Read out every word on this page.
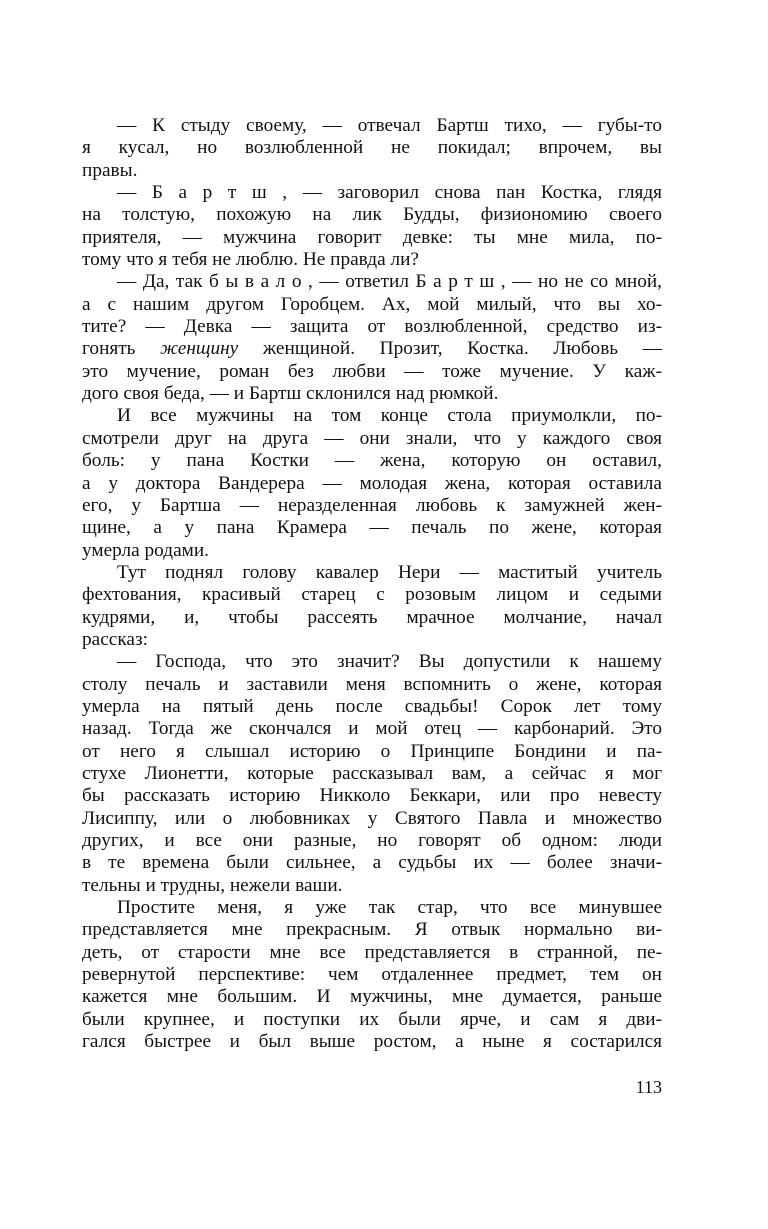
— К стыду своему, — отвечал Бартш тихо, — губы-то
я кусал, но возлюбленной не покидал; впрочем, вы
правы.
— Б а р т ш , — заговорил снова пан Костка, глядя
на толстую, похожую на лик Будды, физиономию своего
приятеля, — мужчина говорит девке: ты мне мила, по-
тому что я тебя не люблю. Не правда ли?
— Да, так б ы в а л о , — ответил Б а р т ш , — но не со мной,
а с нашим другом Горобцем. Ах, мой милый, что вы хо-
тите? — Девка — защита от возлюбленной, средство из-
гонять женщину женщиной. Прозит, Костка. Любовь —
это мучение, роман без любви — тоже мучение. У каж-
дого своя беда, — и Бартш склонился над рюмкой.
И все мужчины на том конце стола приумолкли, по-
смотрели друг на друга — они знали, что у каждого своя
боль: у пана Костки — жена, которую он оставил,
а у доктора Вандерера — молодая жена, которая оставила
его, у Бартша — неразделенная любовь к замужней жен-
щине, а у пана Крамера — печаль по жене, которая
умерла родами.
Тут поднял голову кавалер Нери — маститый учитель
фехтования, красивый старец с розовым лицом и седыми
кудрями, и, чтобы рассеять мрачное молчание, начал
рассказ:
— Господа, что это значит? Вы допустили к нашему
столу печаль и заставили меня вспомнить о жене, которая
умерла на пятый день после свадьбы! Сорок лет тому
назад. Тогда же скончался и мой отец — карбонарий. Это
от него я слышал историю о Принципе Бондини и па-
стухе Лионетти, которые рассказывал вам, а сейчас я мог
бы рассказать историю Никколо Беккари, или про невесту
Лисиппу, или о любовниках у Святого Павла и множество
других, и все они разные, но говорят об одном: люди
в те времена были сильнее, а судьбы их — более значи-
тельны и трудны, нежели ваши.
Простите меня, я уже так стар, что все минувшее
представляется мне прекрасным. Я отвык нормально ви-
деть, от старости мне все представляется в странной, пе-
ревернутой перспективе: чем отдаленнее предмет, тем он
кажется мне большим. И мужчины, мне думается, раньше
были крупнее, и поступки их были ярче, и сам я дви-
гался быстрее и был выше ростом, а ныне я состарился
113
